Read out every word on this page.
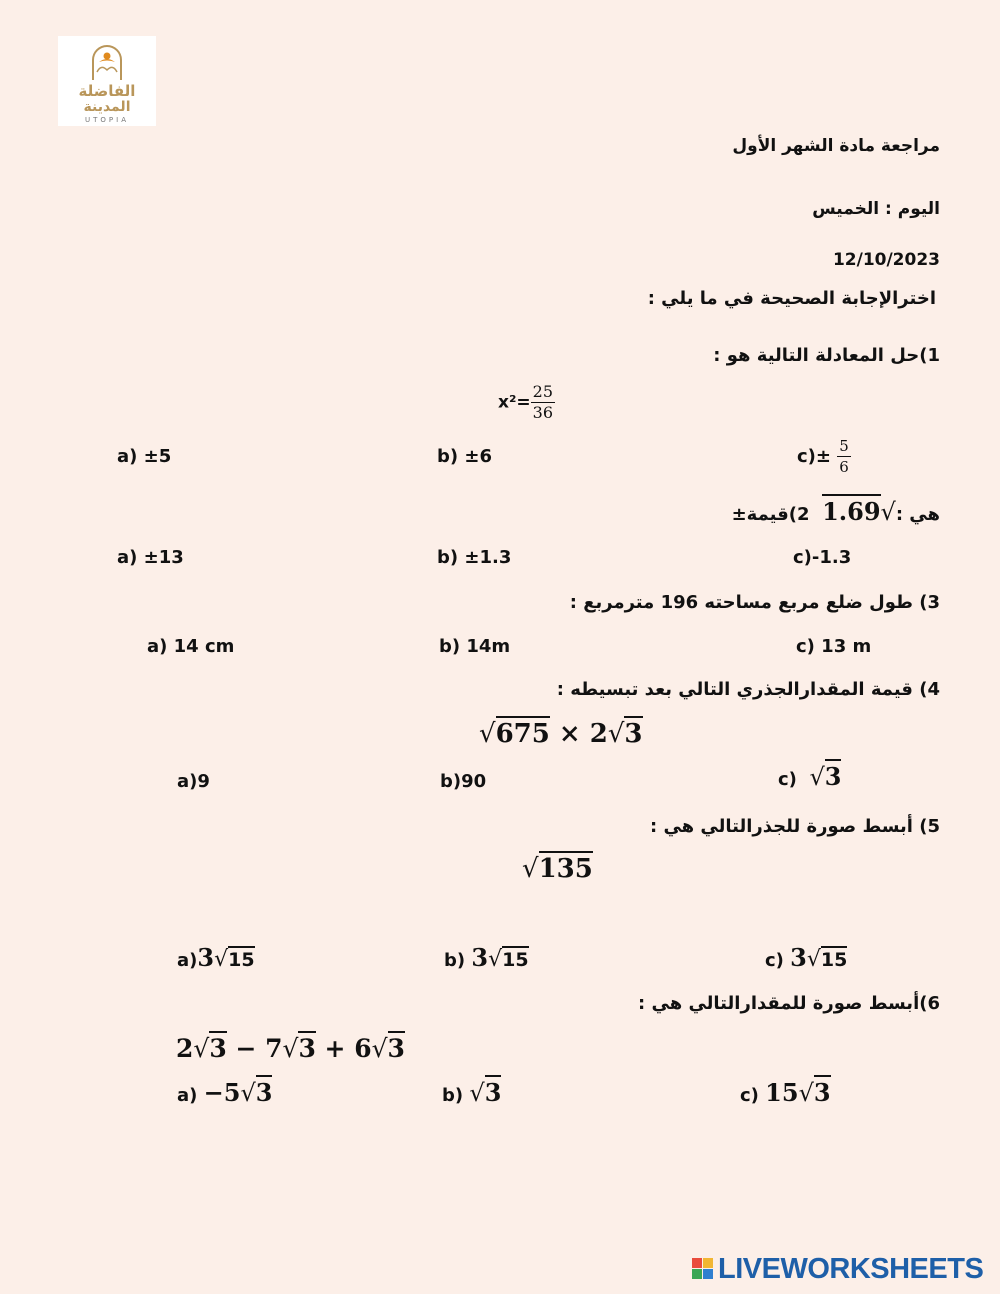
الفاضلة
المدينة
UTOPIA
مراجعة مادة الشهر الأول
اليوم : الخميس
12/10/2023
اخترالإجابة الصحيحة في ما يلي :
1)حل المعادلة التالية هو :
$x^2= \frac{25}{36}$
a) ±5	b) ±6	$c)\pm \frac{5}{6}$
±هي :√1.69  2)قيمة
a) ±13	b) ±1.3	c)-1.3
3) طول ضلع مربع مساحته 196 مترمربع :
a) 14 cm	b) 14m	c) 13 m
4) قيمة المقدارالجذري التالي بعد تبسيطه :
√675 × 2√3
a)9	b)90	c) √3
5) أبسط صورة للجذرالتالي هي :
√135
a)3√15	b) 3√15	c) 3√15
6)أبسط صورة للمقدارالتالي هي :
2√3 − 7√3 + 6√3
a) −5√3	b) √3	c) 15√3
LIVEWORKSHEETS
